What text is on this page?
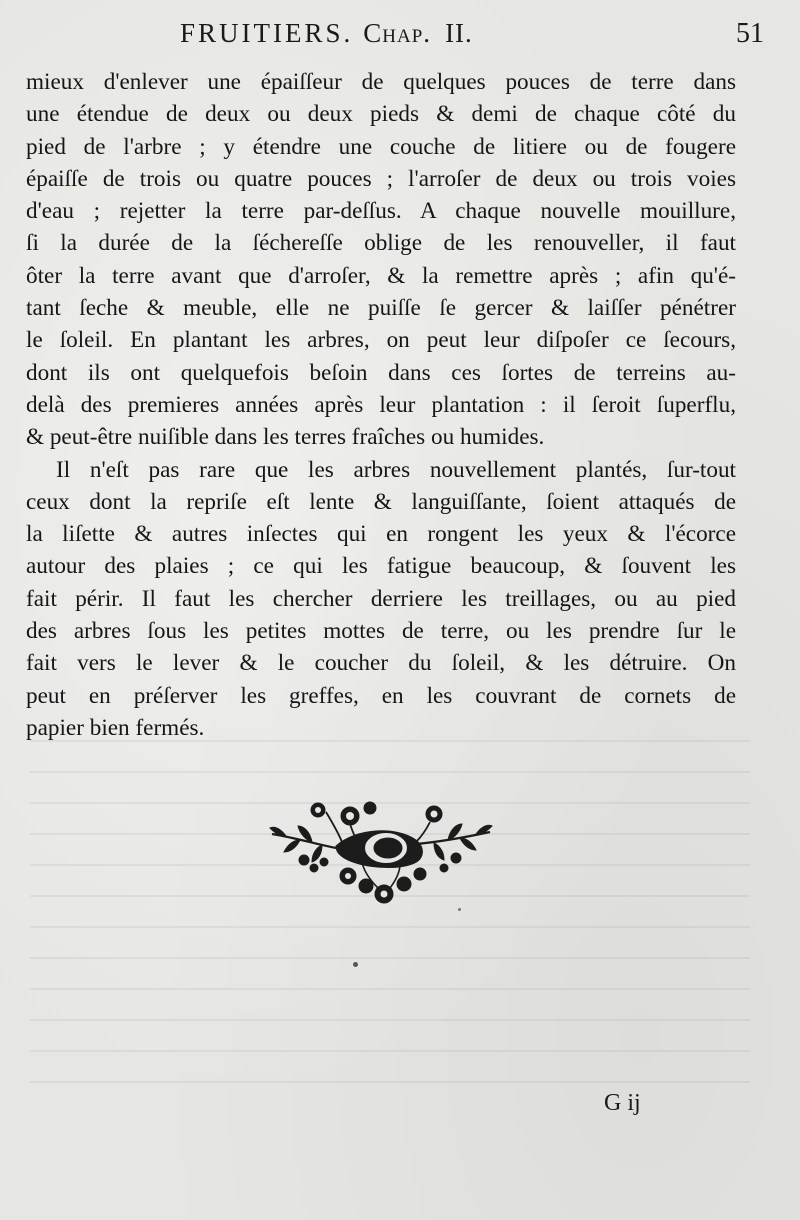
FRUITIERS. Chap. II.	51
mieux d'enlever une épaiſſeur de quelques pouces de terre dans
une étendue de deux ou deux pieds & demi de chaque côté du
pied de l'arbre ; y étendre une couche de litiere ou de fougere
épaiſſe de trois ou quatre pouces ; l'arroſer de deux ou trois voies
d'eau ; rejetter la terre par-deſſus. A chaque nouvelle mouillure,
ſi la durée de la ſéchereſſe oblige de les renouveller, il faut
ôter la terre avant que d'arroſer, & la remettre après ; afin qu'é-
tant ſeche & meuble, elle ne puiſſe ſe gercer & laiſſer pénétrer
le ſoleil. En plantant les arbres, on peut leur diſpoſer ce ſecours,
dont ils ont quelquefois beſoin dans ces ſortes de terreins au-
delà des premieres années après leur plantation : il ſeroit ſuperflu,
& peut-être nuiſible dans les terres fraîches ou humides.
Il n'eſt pas rare que les arbres nouvellement plantés, ſur-tout
ceux dont la repriſe eſt lente & languiſſante, ſoient attaqués de
la liſette & autres inſectes qui en rongent les yeux & l'écorce
autour des plaies ; ce qui les fatigue beaucoup, & ſouvent les
fait périr. Il faut les chercher derriere les treillages, ou au pied
des arbres ſous les petites mottes de terre, ou les prendre ſur le
fait vers le lever & le coucher du ſoleil, & les détruire. On
peut en préſerver les greffes, en les couvrant de cornets de
papier bien fermés.
G ij
